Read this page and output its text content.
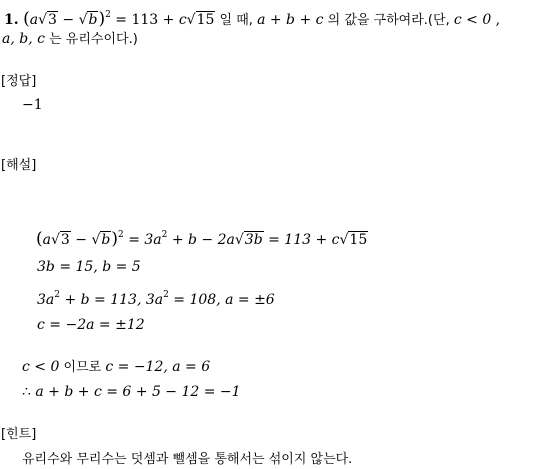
1. $(a√3 - √b)^2 = 113 + c√15$ 일 때, a + b + c 의 값을 구하여라.(단, c < 0 ,
a, b, c 는 유리수이다.)
[정답]
−1
[해설]
$(a√3 - √b)^2 = 3a^2 + b - 2a√3b = 113 + c√15$
3b = 15, b = 5
$3a^2 + b = 113$, $3a^2 = 108$, a = ±6
c = −2a = ±12
c < 0 이므로 c = −12, a = 6
∴ a + b + c = 6 + 5 − 12 = −1
[힌트]
유리수와 무리수는 덧셈과 뺄셈을 통해서는 섞이지 않는다.
